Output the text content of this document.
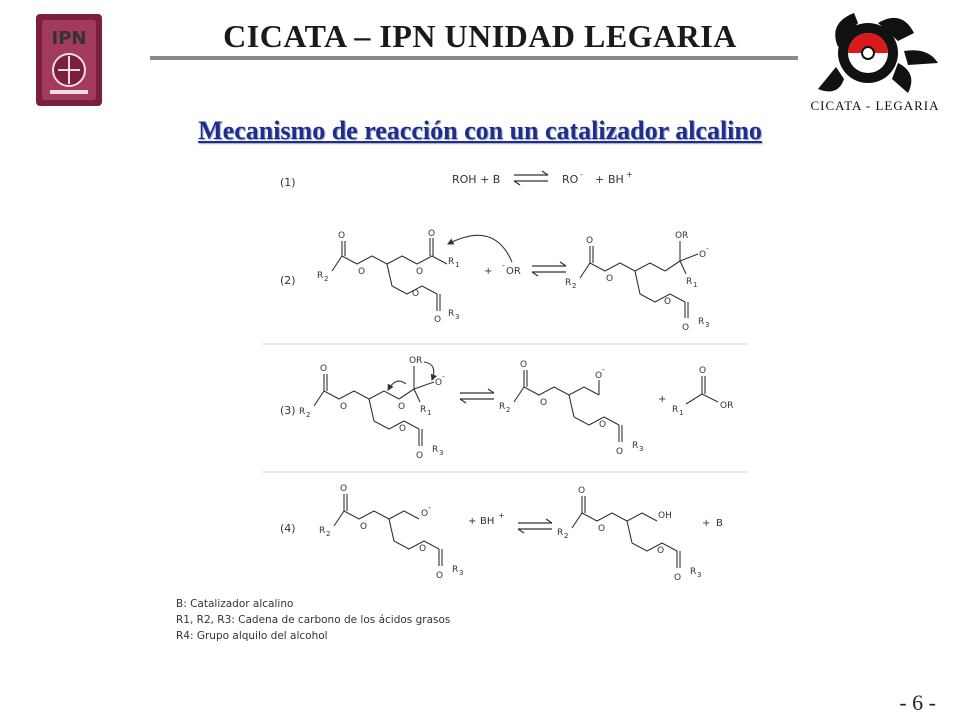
IPN	CICATA – IPN UNIDAD LEGARIA
CICATA - LEGARIA
Mecanismo de reacción con un catalizador alcalino
(1)	ROH + B	RO - + BH +
(2)
O
R 2
O
O
R 1
O
O
O
R 3
+
-
OR
O
R 2
O
O R
O
-
R 1
O
O
R 3
(3)
O
R 2
O
O R
O
-
R 1
O
O
O
R 3
O
R 2
O
O
-
O
O
R 3
+
O
R 1
OR
(4)
O
R 2
O
O
-
O
O
R 3
+ BH
+
O
R 2
O
OH
O
O
R 3
+ B
B: Catalizador alcalino
R1, R2, R3: Cadena de carbono de los ácidos grasos
R4: Grupo alquilo del alcohol
- 6 -
